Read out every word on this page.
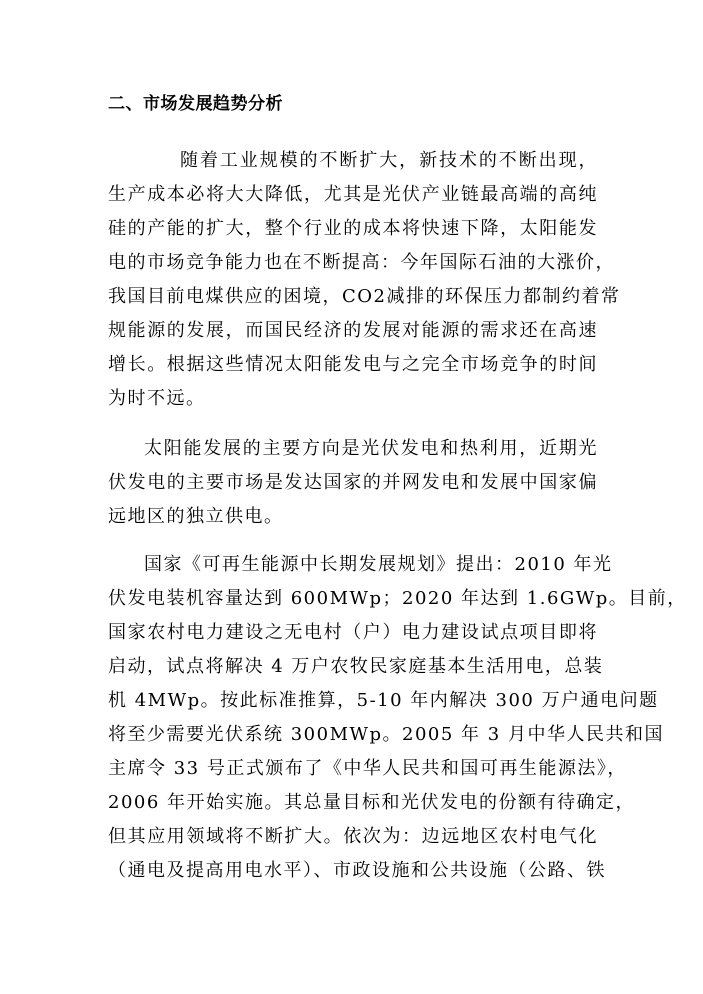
二、市场发展趋势分析
随着工业规模的不断扩大，新技术的不断出现，
生产成本必将大大降低，尤其是光伏产业链最高端的高纯
硅的产能的扩大，整个行业的成本将快速下降，太阳能发
电的市场竞争能力也在不断提高：今年国际石油的大涨价，
我国目前电煤供应的困境，CO2减排的环保压力都制约着常
规能源的发展，而国民经济的发展对能源的需求还在高速
增长。根据这些情况太阳能发电与之完全市场竞争的时间
为时不远。
太阳能发展的主要方向是光伏发电和热利用，近期光
伏发电的主要市场是发达国家的并网发电和发展中国家偏
远地区的独立供电。
国家《可再生能源中长期发展规划》提出：2010 年光
伏发电装机容量达到 600MWp；2020 年达到 1.6GWp。目前，
国家农村电力建设之无电村（户）电力建设试点项目即将
启动，试点将解决 4 万户农牧民家庭基本生活用电，总装
机 4MWp。按此标准推算，5-10 年内解决 300 万户通电问题
将至少需要光伏系统 300MWp。2005 年 3 月中华人民共和国
主席令 33 号正式颁布了《中华人民共和国可再生能源法》，
2006 年开始实施。其总量目标和光伏发电的份额有待确定，
但其应用领域将不断扩大。依次为：边远地区农村电气化
（通电及提高用电水平）、市政设施和公共设施（公路、铁
